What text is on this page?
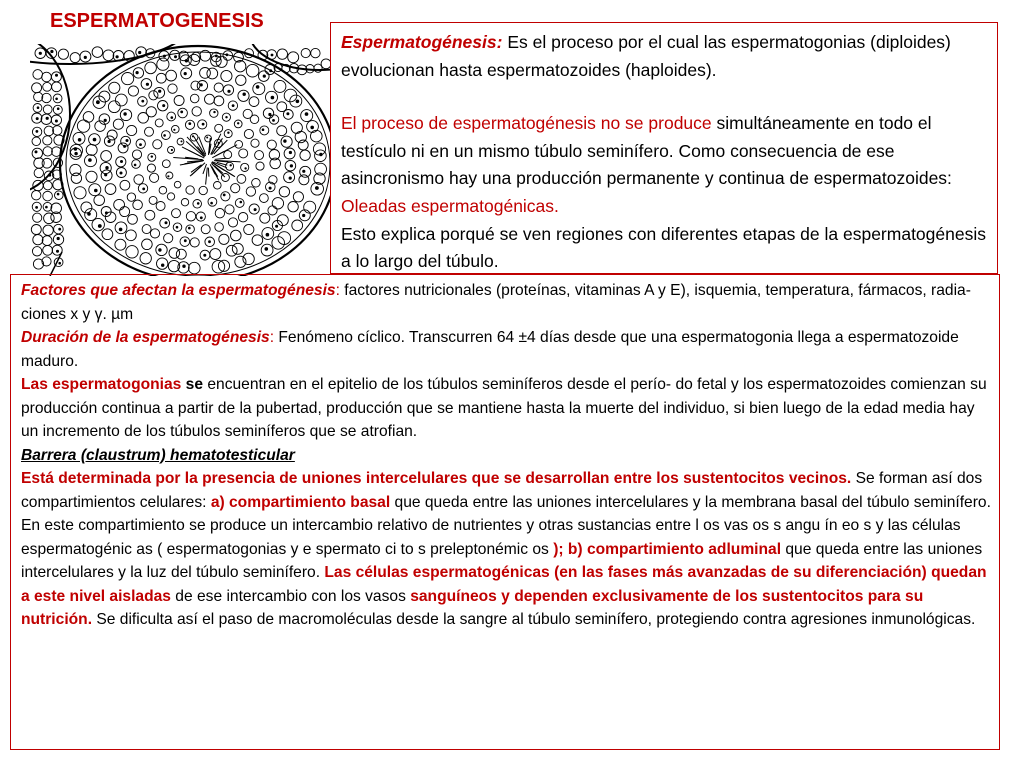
ESPERMATOGENESIS

Espermatogénesis: Es el proceso por el cual las espermatogonias (diploides) evolucionan hasta espermatozoides (haploides).

El proceso de espermatogénesis no se produce simultáneamente en todo el testículo ni en un mismo túbulo seminífero. Como consecuencia de ese asincronismo hay una producción permanente y continua de espermatozoides: Oleadas espermatogénicas.

Esto explica porqué se ven regiones con diferentes etapas de la espermatogénesis a lo largo del túbulo.

Factores que afectan la espermatogénesis: factores nutricionales (proteínas, vitaminas A y E), isquemia, temperatura, fármacos, radia- ciones x y γ. µm

Duración de la espermatogénesis: Fenómeno cíclico. Transcurren 64 ±4 días desde que una espermatogonia llega a espermatozoide maduro.

Las espermatogonias se encuentran en el epitelio de los túbulos seminíferos desde el perío- do fetal y los espermatozoides comienzan su producción continua a partir de la pubertad, producción que se mantiene hasta la muerte del individuo, si bien luego de la edad media hay un incremento de los túbulos seminíferos que se atrofian.

Barrera (claustrum) hematotesticular

Está determinada por la presencia de uniones intercelulares que se desarrollan entre los sustentocitos vecinos. Se forman así dos compartimientos celulares: a) compartimiento basal que queda entre las uniones intercelulares y la membrana basal del túbulo seminífero. En este compartimiento se produce un intercambio relativo de nutrientes y otras sustancias entre l os vas os s angu ín eo s y las células espermatogénic as ( espermatogonias y e spermato ci to s preleptonémic os ); b) compartimiento adluminal que queda entre las uniones intercelulares y la luz del túbulo seminífero. Las células espermatogénicas (en las fases más avanzadas de su diferenciación) quedan a este nivel aisladas de ese intercambio con los vasos sanguíneos y dependen exclusivamente de los sustentocitos para su nutrición. Se dificulta así el paso de macromoléculas desde la sangre al túbulo seminífero, protegiendo contra agresiones inmunológicas.
